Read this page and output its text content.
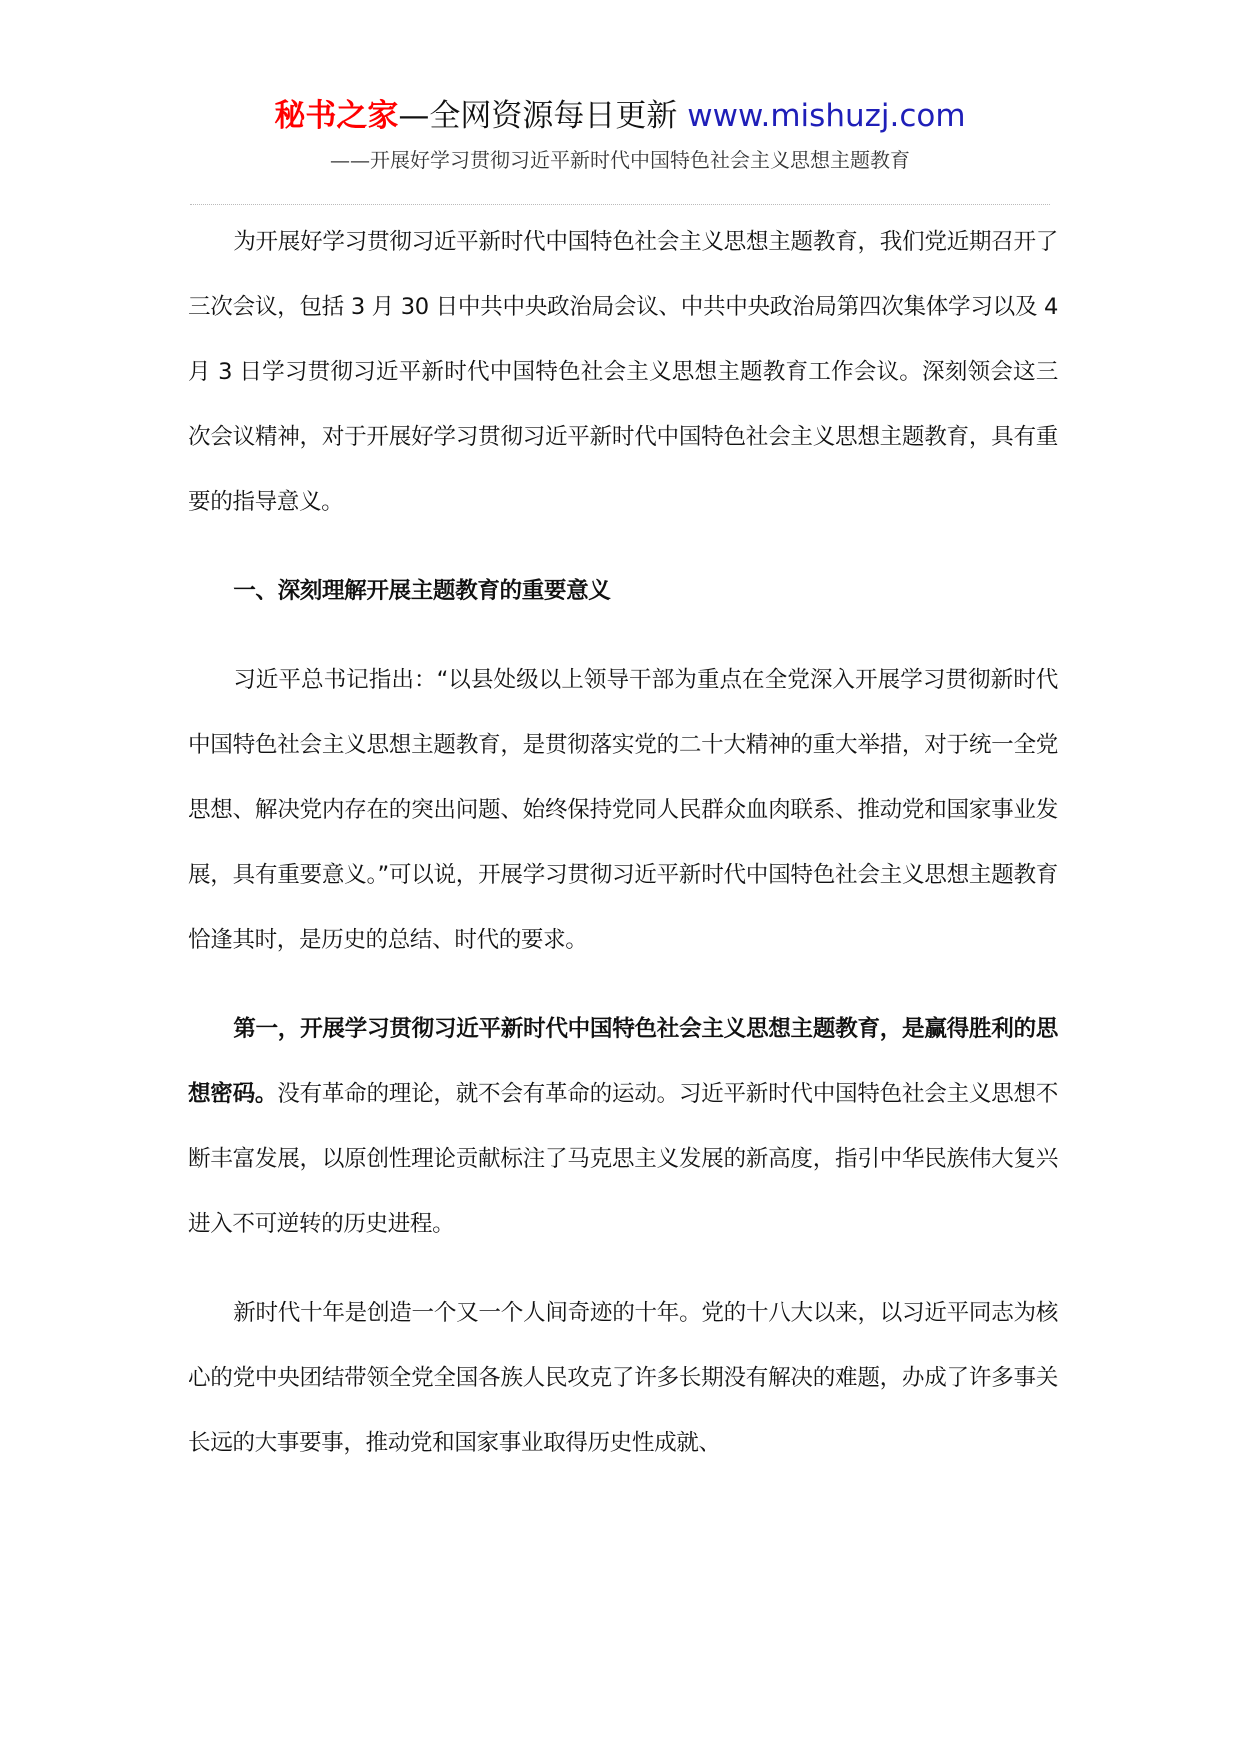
秘书之家—全网资源每日更新 www.mishuzj.com
——开展好学习贯彻习近平新时代中国特色社会主义思想主题教育

为开展好学习贯彻习近平新时代中国特色社会主义思想主题教育，我们党近期召开了三次会议，包括 3 月 30 日中共中央政治局会议、中共中央政治局第四次集体学习以及 4 月 3 日学习贯彻习近平新时代中国特色社会主义思想主题教育工作会议。深刻领会这三次会议精神，对于开展好学习贯彻习近平新时代中国特色社会主义思想主题教育，具有重要的指导意义。

一、深刻理解开展主题教育的重要意义

习近平总书记指出：“以县处级以上领导干部为重点在全党深入开展学习贯彻新时代中国特色社会主义思想主题教育，是贯彻落实党的二十大精神的重大举措，对于统一全党思想、解决党内存在的突出问题、始终保持党同人民群众血肉联系、推动党和国家事业发展，具有重要意义。”可以说，开展学习贯彻习近平新时代中国特色社会主义思想主题教育恰逢其时，是历史的总结、时代的要求。

第一，开展学习贯彻习近平新时代中国特色社会主义思想主题教育，是赢得胜利的思想密码。没有革命的理论，就不会有革命的运动。习近平新时代中国特色社会主义思想不断丰富发展，以原创性理论贡献标注了马克思主义发展的新高度，指引中华民族伟大复兴进入不可逆转的历史进程。

新时代十年是创造一个又一个人间奇迹的十年。党的十八大以来，以习近平同志为核心的党中央团结带领全党全国各族人民攻克了许多长期没有解决的难题，办成了许多事关长远的大事要事，推动党和国家事业取得历史性成就、
